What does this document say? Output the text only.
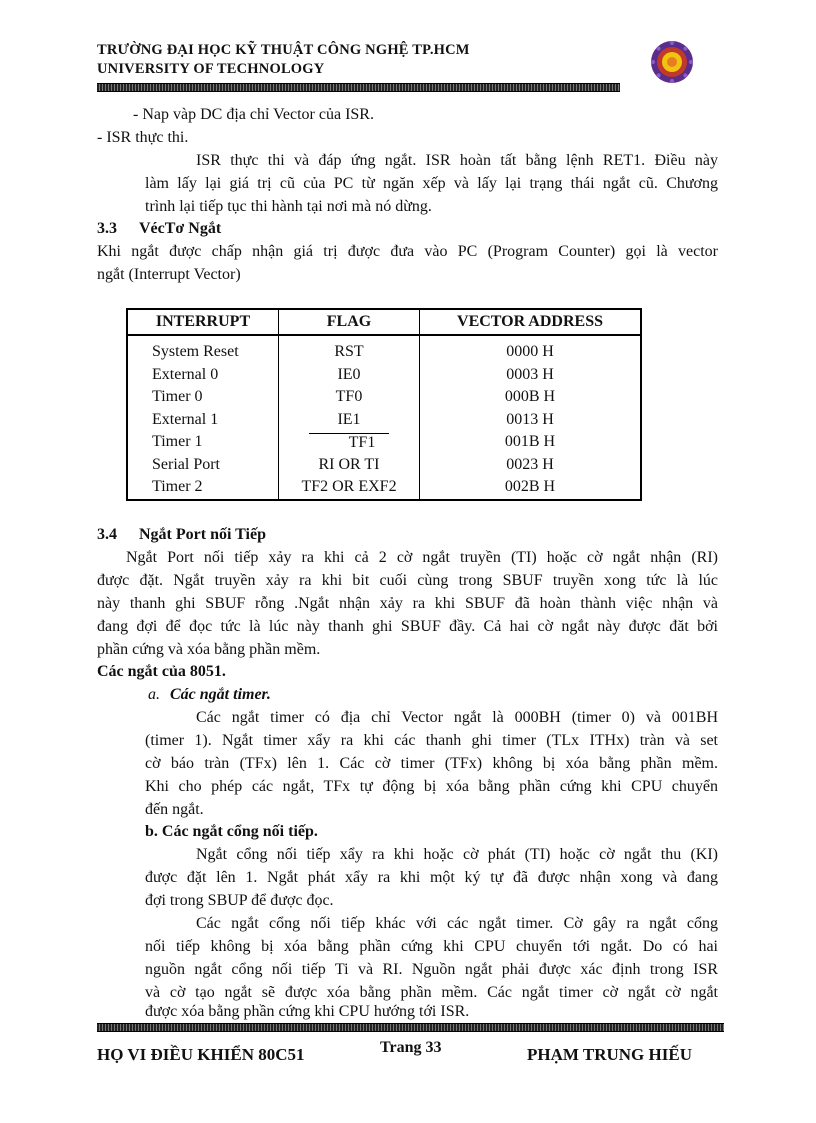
TRƯỜNG ĐẠI HỌC KỸ THUẬT CÔNG NGHỆ TP.HCM
UNIVERSITY OF TECHNOLOGY
- Nap vàp DC địa chỉ Vector của ISR.
- ISR thực thi.
ISR thực thi và đáp ứng ngắt. ISR hoàn tất bằng lệnh RET1. Điều này
làm lấy lại giá trị cũ của PC từ ngăn xếp và lấy lại trạng thái ngắt cũ. Chương
trình lại tiếp tục thi hành tại nơi mà nó dừng.
3.3 VécTơ Ngắt
Khi ngắt được chấp nhận giá trị được đưa vào PC (Program Counter) gọi là vector
ngắt (Interrupt Vector)
INTERRUPT	FLAG	VECTOR ADDRESS
System Reset	RST	0000 H
External 0	IE0	0003 H
Timer 0	TF0	000B H
External 1	IE1	0013 H
Timer 1	TF1	001B H
Serial Port	RI OR TI	0023 H
Timer 2	TF2 OR EXF2	002B H
3.4 Ngắt Port nối Tiếp
Ngắt Port nối tiếp xảy ra khi cả 2 cờ ngắt truyền (TI) hoặc cờ ngắt nhận (RI)
được đặt. Ngắt truyền xảy ra khi bit cuối cùng trong SBUF truyền xong tức là lúc
này thanh ghi SBUF rỗng .Ngắt nhận xảy ra khi SBUF đã hoàn thành việc nhận và
đang đợi để đọc tức là lúc này thanh ghi SBUF đầy. Cả hai cờ ngắt này được đăt bởi
phần cứng và xóa bằng phần mềm.
Các ngắt của 8051.
a. Các ngắt timer.
Các ngắt timer có địa chỉ Vector ngắt là 000BH (timer 0) và 001BH
(timer 1). Ngắt timer xẩy ra khi các thanh ghi timer (TLx ITHx) tràn và set
cờ báo tràn (TFx) lên 1. Các cờ timer (TFx) không bị xóa bằng phần mềm.
Khi cho phép các ngắt, TFx tự động bị xóa bằng phần cứng khi CPU chuyển
đến ngắt.
b. Các ngắt cổng nối tiếp.
Ngắt cổng nối tiếp xẩy ra khi hoặc cờ phát (TI) hoặc cờ ngắt thu (KI)
được đặt lên 1. Ngắt phát xẩy ra khi một ký tự đã được nhận xong và đang
đợi trong SBUP để được đọc.
Các ngắt cổng nối tiếp khác với các ngắt timer. Cờ gây ra ngắt cổng
nối tiếp không bị xóa bằng phần cứng khi CPU chuyển tới ngắt. Do có hai
nguồn ngắt cổng nối tiếp Ti và RI. Nguồn ngắt phải được xác định trong ISR
và cờ tạo ngắt sẽ được xóa bằng phần mềm. Các ngắt timer cờ ngắt cờ ngắt
được xóa bằng phần cứng khi CPU hướng tới ISR.
HỌ VI ĐIỀU KHIỂN 80C51	Trang 33	PHẠM TRUNG HIẾU
